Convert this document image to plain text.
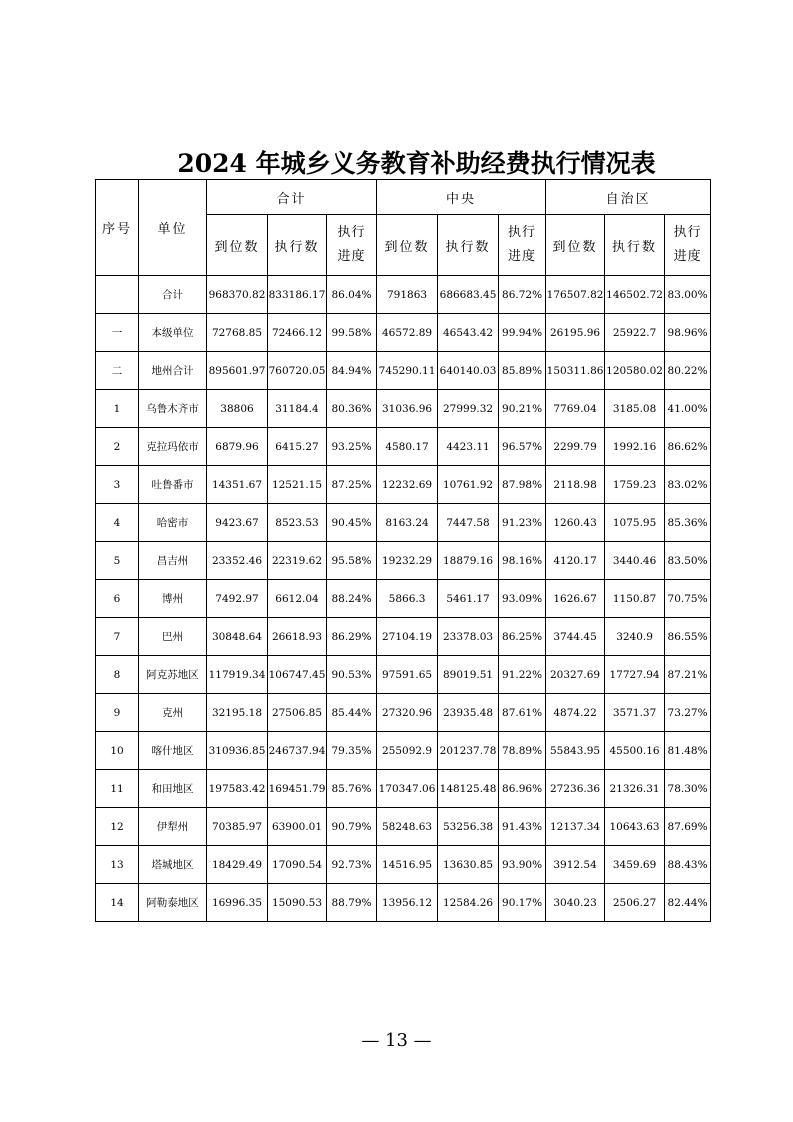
2024 年城乡义务教育补助经费执行情况表
序号	单位	合计			中央			自治区		
		到位数	执行数	执行进度	到位数	执行数	执行进度	到位数	执行数	执行进度

	合计	968370.82	833186.17	86.04%	791863	686683.45	86.72%	176507.82	146502.72	83.00%
一	本级单位	72768.85	72466.12	99.58%	46572.89	46543.42	99.94%	26195.96	25922.7	98.96%
二	地州合计	895601.97	760720.05	84.94%	745290.11	640140.03	85.89%	150311.86	120580.02	80.22%
1	乌鲁木齐市	38806	31184.4	80.36%	31036.96	27999.32	90.21%	7769.04	3185.08	41.00%
2	克拉玛依市	6879.96	6415.27	93.25%	4580.17	4423.11	96.57%	2299.79	1992.16	86.62%
3	吐鲁番市	14351.67	12521.15	87.25%	12232.69	10761.92	87.98%	2118.98	1759.23	83.02%
4	哈密市	9423.67	8523.53	90.45%	8163.24	7447.58	91.23%	1260.43	1075.95	85.36%
5	昌吉州	23352.46	22319.62	95.58%	19232.29	18879.16	98.16%	4120.17	3440.46	83.50%
6	博州	7492.97	6612.04	88.24%	5866.3	5461.17	93.09%	1626.67	1150.87	70.75%
7	巴州	30848.64	26618.93	86.29%	27104.19	23378.03	86.25%	3744.45	3240.9	86.55%
8	阿克苏地区	117919.34	106747.45	90.53%	97591.65	89019.51	91.22%	20327.69	17727.94	87.21%
9	克州	32195.18	27506.85	85.44%	27320.96	23935.48	87.61%	4874.22	3571.37	73.27%
10	喀什地区	310936.85	246737.94	79.35%	255092.9	201237.78	78.89%	55843.95	45500.16	81.48%
11	和田地区	197583.42	169451.79	85.76%	170347.06	148125.48	86.96%	27236.36	21326.31	78.30%
12	伊犁州	70385.97	63900.01	90.79%	58248.63	53256.38	91.43%	12137.34	10643.63	87.69%
13	塔城地区	18429.49	17090.54	92.73%	14516.95	13630.85	93.90%	3912.54	3459.69	88.43%
14	阿勒泰地区	16996.35	15090.53	88.79%	13956.12	12584.26	90.17%	3040.23	2506.27	82.44%
— 13 —
